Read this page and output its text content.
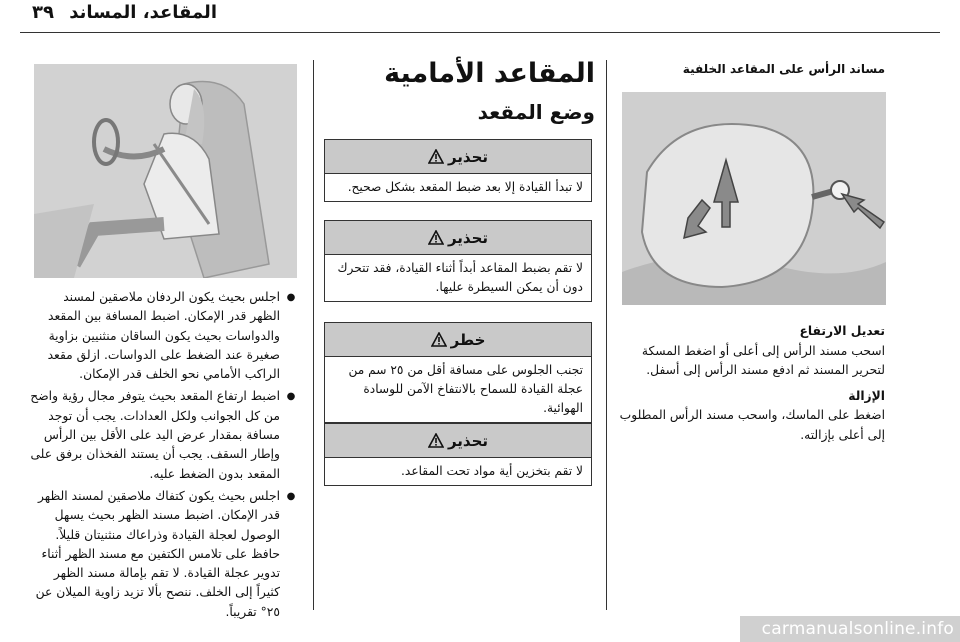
٣٩ المقاعد، المساند
مساند الرأس على المقاعد الخلفية
تعديل الارتفاع
اسحب مسند الرأس إلى أعلى أو اضغط المسكة لتحرير المسند ثم ادفع مسند الرأس إلى أسفل.
الإزالة
اضغط على الماسك، واسحب مسند الرأس المطلوب إلى أعلى بإزالته.
المقاعد الأمامية
وضع المقعد
تحذير
لا تبدأ القيادة إلا بعد ضبط المقعد بشكل صحيح.
تحذير
لا تقم بضبط المقاعد أبداً أثناء القيادة، فقد تتحرك دون أن يمكن السيطرة عليها.
خطر
تجنب الجلوس على مسافة أقل من ٢٥ سم من عجلة القيادة للسماح بالانتفاخ الآمن للوسادة الهوائية.
تحذير
لا تقم بتخزين أية مواد تحت المقاعد.
●
اجلس بحيث يكون الردفان ملاصقين لمسند الظهر قدر الإمكان. اضبط المسافة بين المقعد والدواسات بحيث يكون الساقان منثنيين بزاوية صغيرة عند الضغط على الدواسات. ازلق مقعد الراكب الأمامي نحو الخلف قدر الإمكان.
●
اضبط ارتفاع المقعد بحيث يتوفر مجال رؤية واضح من كل الجوانب ولكل العدادات. يجب أن توجد مسافة بمقدار عرض اليد على الأقل بين الرأس وإطار السقف. يجب أن يستند الفخذان برفق على المقعد بدون الضغط عليه.
●
اجلس بحيث يكون كتفاك ملاصقين لمسند الظهر قدر الإمكان. اضبط مسند الظهر بحيث يسهل الوصول لعجلة القيادة وذراعاك منثنيتان قليلاً. حافظ على تلامس الكتفين مع مسند الظهر أثناء تدوير عجلة القيادة. لا تقم بإمالة مسند الظهر كثيراً إلى الخلف. ننصح بألا تزيد زاوية الميلان عن ٢٥° تقريباً.
carmanualsonline.info
